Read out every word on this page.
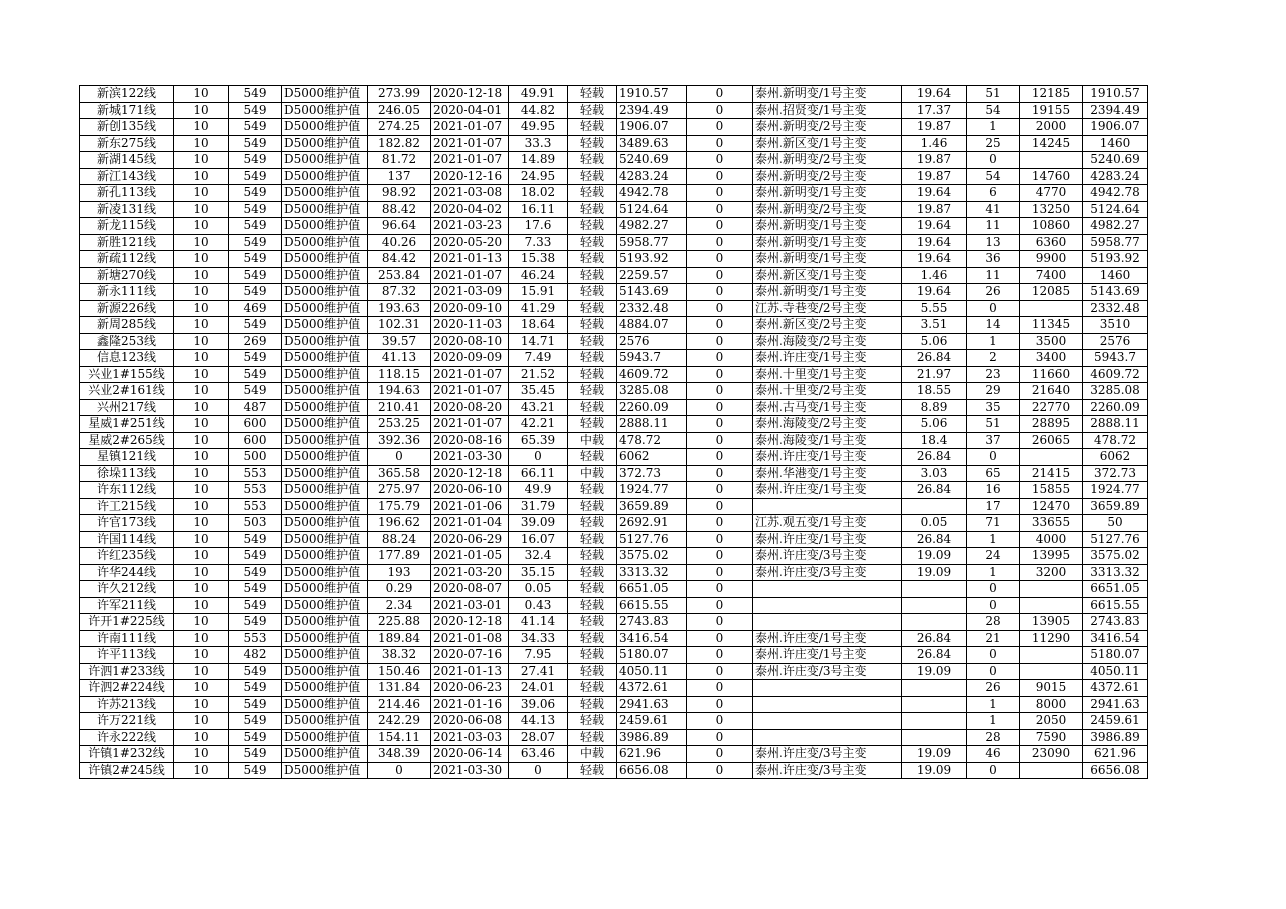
新滨122线	10	549	D5000维护值	273.99	2020-12-18	49.91	轻载	1910.57	0	泰州.新明变/1号主变	19.64	51	12185	1910.57
新城171线	10	549	D5000维护值	246.05	2020-04-01	44.82	轻载	2394.49	0	泰州.招贤变/1号主变	17.37	54	19155	2394.49
新创135线	10	549	D5000维护值	274.25	2021-01-07	49.95	轻载	1906.07	0	泰州.新明变/2号主变	19.87	1	2000	1906.07
新东275线	10	549	D5000维护值	182.82	2021-01-07	33.3	轻载	3489.63	0	泰州.新区变/1号主变	1.46	25	14245	1460
新湖145线	10	549	D5000维护值	81.72	2021-01-07	14.89	轻载	5240.69	0	泰州.新明变/2号主变	19.87	0		5240.69
新江143线	10	549	D5000维护值	137	2020-12-16	24.95	轻载	4283.24	0	泰州.新明变/2号主变	19.87	54	14760	4283.24
新孔113线	10	549	D5000维护值	98.92	2021-03-08	18.02	轻载	4942.78	0	泰州.新明变/1号主变	19.64	6	4770	4942.78
新凌131线	10	549	D5000维护值	88.42	2020-04-02	16.11	轻载	5124.64	0	泰州.新明变/2号主变	19.87	41	13250	5124.64
新龙115线	10	549	D5000维护值	96.64	2021-03-23	17.6	轻载	4982.27	0	泰州.新明变/1号主变	19.64	11	10860	4982.27
新胜121线	10	549	D5000维护值	40.26	2020-05-20	7.33	轻载	5958.77	0	泰州.新明变/1号主变	19.64	13	6360	5958.77
新疏112线	10	549	D5000维护值	84.42	2021-01-13	15.38	轻载	5193.92	0	泰州.新明变/1号主变	19.64	36	9900	5193.92
新塘270线	10	549	D5000维护值	253.84	2021-01-07	46.24	轻载	2259.57	0	泰州.新区变/1号主变	1.46	11	7400	1460
新永111线	10	549	D5000维护值	87.32	2021-03-09	15.91	轻载	5143.69	0	泰州.新明变/1号主变	19.64	26	12085	5143.69
新源226线	10	469	D5000维护值	193.63	2020-09-10	41.29	轻载	2332.48	0	江苏.寺巷变/2号主变	5.55	0		2332.48
新周285线	10	549	D5000维护值	102.31	2020-11-03	18.64	轻载	4884.07	0	泰州.新区变/2号主变	3.51	14	11345	3510
鑫隆253线	10	269	D5000维护值	39.57	2020-08-10	14.71	轻载	2576	0	泰州.海陵变/2号主变	5.06	1	3500	2576
信息123线	10	549	D5000维护值	41.13	2020-09-09	7.49	轻载	5943.7	0	泰州.许庄变/1号主变	26.84	2	3400	5943.7
兴业1#155线	10	549	D5000维护值	118.15	2021-01-07	21.52	轻载	4609.72	0	泰州.十里变/1号主变	21.97	23	11660	4609.72
兴业2#161线	10	549	D5000维护值	194.63	2021-01-07	35.45	轻载	3285.08	0	泰州.十里变/2号主变	18.55	29	21640	3285.08
兴州217线	10	487	D5000维护值	210.41	2020-08-20	43.21	轻载	2260.09	0	泰州.古马变/1号主变	8.89	35	22770	2260.09
星威1#251线	10	600	D5000维护值	253.25	2021-01-07	42.21	轻载	2888.11	0	泰州.海陵变/2号主变	5.06	51	28895	2888.11
星威2#265线	10	600	D5000维护值	392.36	2020-08-16	65.39	中载	478.72	0	泰州.海陵变/1号主变	18.4	37	26065	478.72
星镇121线	10	500	D5000维护值	0	2021-03-30	0	轻载	6062	0	泰州.许庄变/1号主变	26.84	0		6062
徐垛113线	10	553	D5000维护值	365.58	2020-12-18	66.11	中载	372.73	0	泰州.华港变/1号主变	3.03	65	21415	372.73
许东112线	10	553	D5000维护值	275.97	2020-06-10	49.9	轻载	1924.77	0	泰州.许庄变/1号主变	26.84	16	15855	1924.77
许工215线	10	553	D5000维护值	175.79	2021-01-06	31.79	轻载	3659.89	0			17	12470	3659.89
许官173线	10	503	D5000维护值	196.62	2021-01-04	39.09	轻载	2692.91	0	江苏.观五变/1号主变	0.05	71	33655	50
许国114线	10	549	D5000维护值	88.24	2020-06-29	16.07	轻载	5127.76	0	泰州.许庄变/1号主变	26.84	1	4000	5127.76
许红235线	10	549	D5000维护值	177.89	2021-01-05	32.4	轻载	3575.02	0	泰州.许庄变/3号主变	19.09	24	13995	3575.02
许华244线	10	549	D5000维护值	193	2021-03-20	35.15	轻载	3313.32	0	泰州.许庄变/3号主变	19.09	1	3200	3313.32
许久212线	10	549	D5000维护值	0.29	2020-08-07	0.05	轻载	6651.05	0			0		6651.05
许军211线	10	549	D5000维护值	2.34	2021-03-01	0.43	轻载	6615.55	0			0		6615.55
许开1#225线	10	549	D5000维护值	225.88	2020-12-18	41.14	轻载	2743.83	0			28	13905	2743.83
许南111线	10	553	D5000维护值	189.84	2021-01-08	34.33	轻载	3416.54	0	泰州.许庄变/1号主变	26.84	21	11290	3416.54
许平113线	10	482	D5000维护值	38.32	2020-07-16	7.95	轻载	5180.07	0	泰州.许庄变/1号主变	26.84	0		5180.07
许泗1#233线	10	549	D5000维护值	150.46	2021-01-13	27.41	轻载	4050.11	0	泰州.许庄变/3号主变	19.09	0		4050.11
许泗2#224线	10	549	D5000维护值	131.84	2020-06-23	24.01	轻载	4372.61	0			26	9015	4372.61
许苏213线	10	549	D5000维护值	214.46	2021-01-16	39.06	轻载	2941.63	0			1	8000	2941.63
许万221线	10	549	D5000维护值	242.29	2020-06-08	44.13	轻载	2459.61	0			1	2050	2459.61
许永222线	10	549	D5000维护值	154.11	2021-03-03	28.07	轻载	3986.89	0			28	7590	3986.89
许镇1#232线	10	549	D5000维护值	348.39	2020-06-14	63.46	中载	621.96	0	泰州.许庄变/3号主变	19.09	46	23090	621.96
许镇2#245线	10	549	D5000维护值	0	2021-03-30	0	轻载	6656.08	0	泰州.许庄变/3号主变	19.09	0		6656.08
